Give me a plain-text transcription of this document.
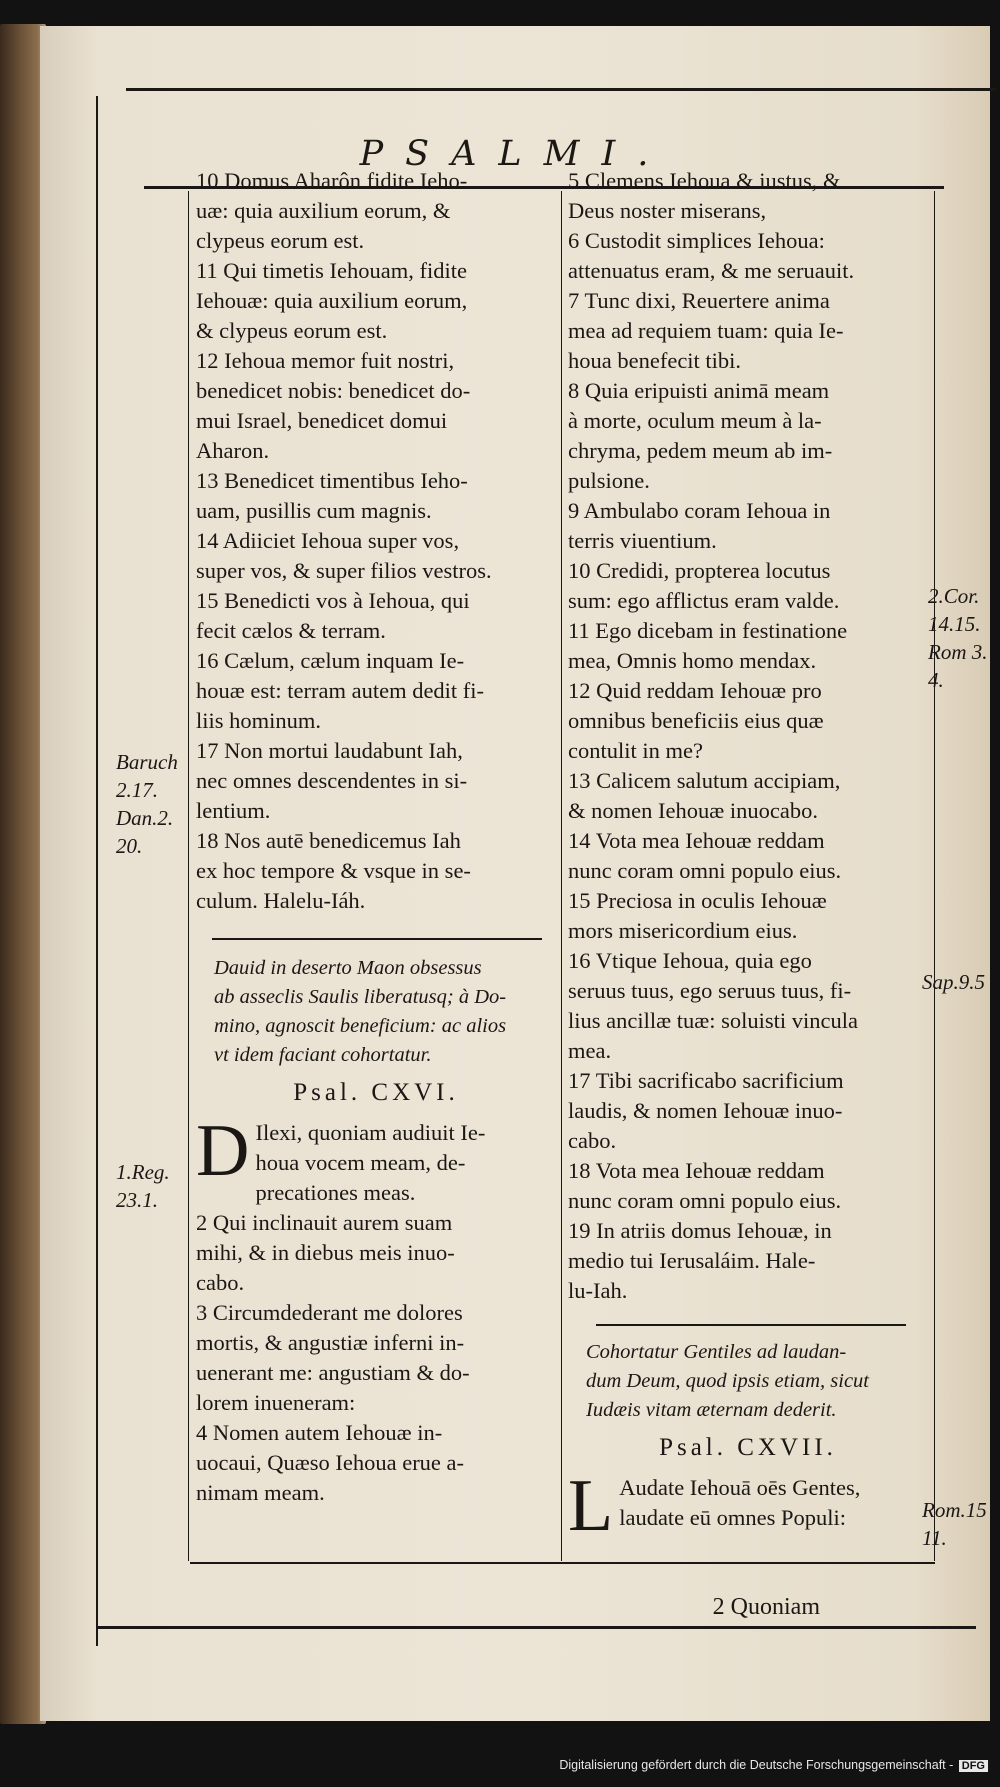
PSALMI.
Baruch
2.17.
Dan.2.
20.
1.Reg.
23.1.
2.Cor.
14.15.
Rom 3.
4.
Sap.9.5
Rom.15
11.

10 Domus Aharôn fidite Ieho-
uæ: quia auxilium eorum, &
clypeus eorum est.

11 Qui timetis Iehouam, fidite
Iehouæ: quia auxilium eorum,
& clypeus eorum est.

12 Iehoua memor fuit nostri,
benedicet nobis: benedicet do-
mui Israel, benedicet domui
Aharon.

13 Benedicet timentibus Ieho-
uam, pusillis cum magnis.

14 Adiiciet Iehoua super vos,
super vos, & super filios vestros.

15 Benedicti vos à Iehoua, qui
fecit cælos & terram.

16 Cælum, cælum inquam Ie-
houæ est: terram autem dedit fi-
liis hominum.

17 Non mortui laudabunt Iah,
nec omnes descendentes in si-
lentium.

18 Nos autē benedicemus Iah
ex hoc tempore & vsque in se-
culum. Halelu-Iáh.

Dauid in deserto Maon obsessus
ab asseclis Saulis liberatusq; à Do-
mino, agnoscit beneficium: ac alios
vt idem faciant cohortatur.
Psal. CXVI.
D Ilexi, quoniam audiuit Ie-
houa vocem meam, de-
precationes meas.

2 Qui inclinauit aurem suam
mihi, & in diebus meis inuo-
cabo.

3 Circumdederant me dolores
mortis, & angustiæ inferni in-
uenerant me: angustiam & do-
lorem inueneram:

4 Nomen autem Iehouæ in-
uocaui, Quæso Iehoua erue a-
nimam meam.

5 Clemens Iehoua & iustus, &
Deus noster miserans,

6 Custodit simplices Iehoua:
attenuatus eram, & me seruauit.

7 Tunc dixi, Reuertere anima
mea ad requiem tuam: quia Ie-
houa benefecit tibi.

8 Quia eripuisti animā meam
à morte, oculum meum à la-
chryma, pedem meum ab im-
pulsione.

9 Ambulabo coram Iehoua in
terris viuentium.

10 Credidi, propterea locutus
sum: ego afflictus eram valde.

11 Ego dicebam in festinatione
mea, Omnis homo mendax.

12 Quid reddam Iehouæ pro
omnibus beneficiis eius quæ
contulit in me?

13 Calicem salutum accipiam,
& nomen Iehouæ inuocabo.

14 Vota mea Iehouæ reddam
nunc coram omni populo eius.

15 Preciosa in oculis Iehouæ
mors misericordium eius.

16 Vtique Iehoua, quia ego
seruus tuus, ego seruus tuus, fi-
lius ancillæ tuæ: soluisti vincula
mea.

17 Tibi sacrificabo sacrificium
laudis, & nomen Iehouæ inuo-
cabo.

18 Vota mea Iehouæ reddam
nunc coram omni populo eius.

19 In atriis domus Iehouæ, in
medio tui Ierusaláim. Hale-
lu-Iah.

Cohortatur Gentiles ad laudan-
dum Deum, quod ipsis etiam, sicut
Iudæis vitam æternam dederit.
Psal. CXVII.
L Audate Iehouā oēs Gentes,
laudate eū omnes Populi:
2 Quoniam
Digitalisierung gefördert durch die Deutsche Forschungsgemeinschaft - DFG
